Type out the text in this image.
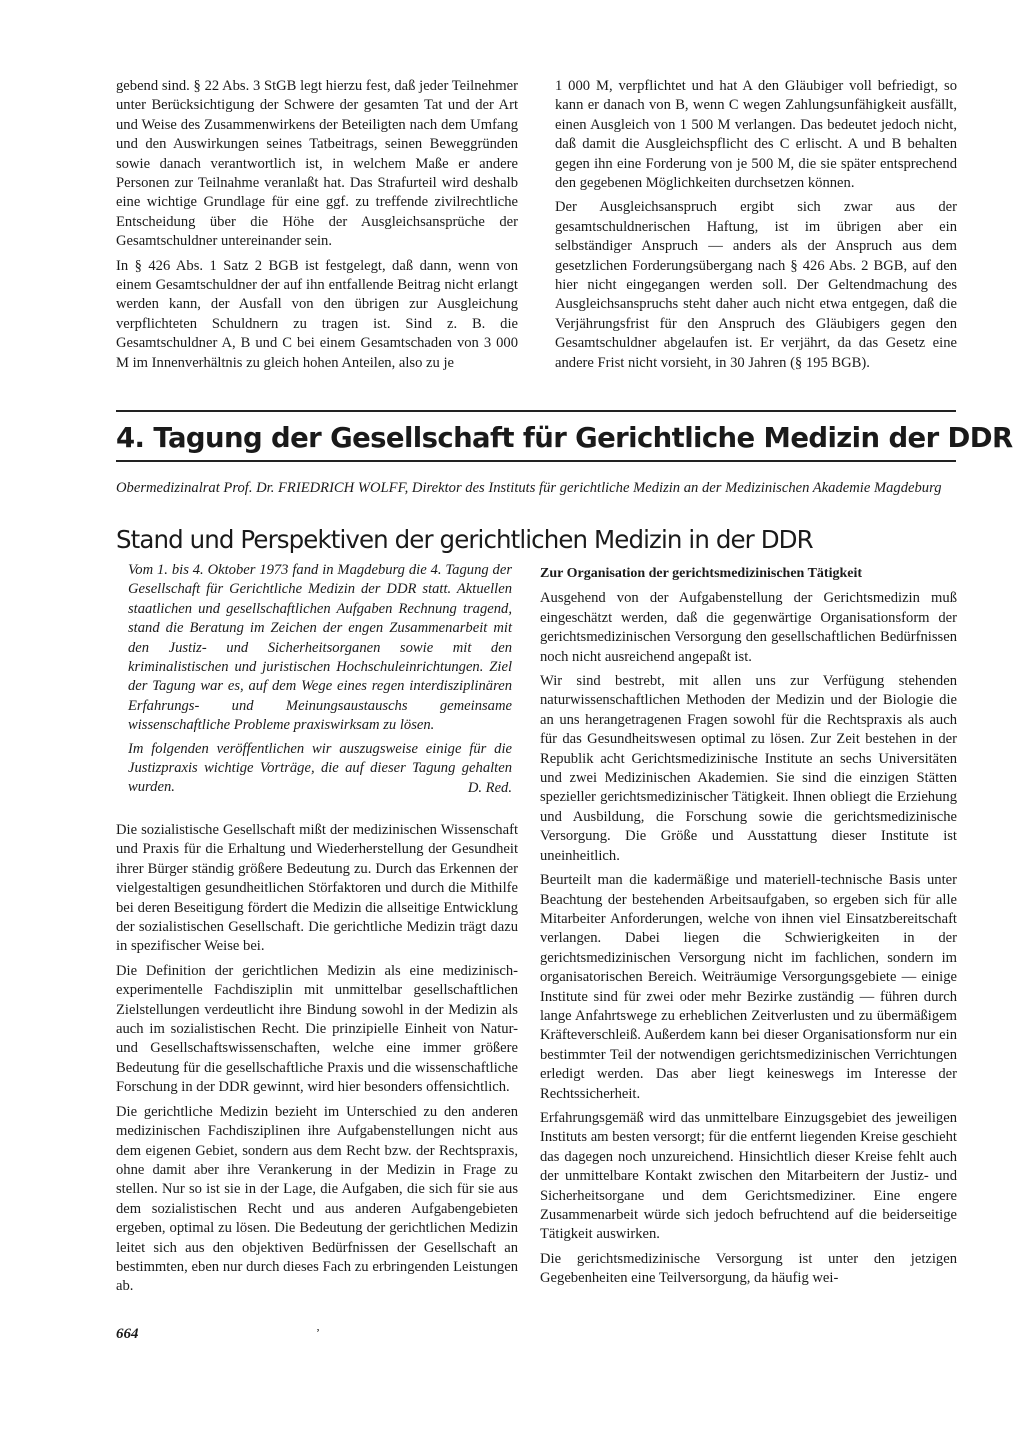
gebend sind. § 22 Abs. 3 StGB legt hierzu fest, daß jeder Teilnehmer unter Berücksichtigung der Schwere der gesamten Tat und der Art und Weise des Zusammenwirkens der Beteiligten nach dem Umfang und den Auswirkungen seines Tatbeitrags, seinen Beweggründen sowie danach verantwortlich ist, in welchem Maße er andere Personen zur Teilnahme veranlaßt hat. Das Strafurteil wird deshalb eine wichtige Grundlage für eine ggf. zu treffende zivilrechtliche Entscheidung über die Höhe der Ausgleichsansprüche der Gesamtschuldner untereinander sein.

In § 426 Abs. 1 Satz 2 BGB ist festgelegt, daß dann, wenn von einem Gesamtschuldner der auf ihn entfallende Beitrag nicht erlangt werden kann, der Ausfall von den übrigen zur Ausgleichung verpflichteten Schuldnern zu tragen ist. Sind z. B. die Gesamtschuldner A, B und C bei einem Gesamtschaden von 3 000 M im Innenverhältnis zu gleich hohen Anteilen, also zu je

1 000 M, verpflichtet und hat A den Gläubiger voll befriedigt, so kann er danach von B, wenn C wegen Zahlungsunfähigkeit ausfällt, einen Ausgleich von 1 500 M verlangen. Das bedeutet jedoch nicht, daß damit die Ausgleichspflicht des C erlischt. A und B behalten gegen ihn eine Forderung von je 500 M, die sie später entsprechend den gegebenen Möglichkeiten durchsetzen können.

Der Ausgleichsanspruch ergibt sich zwar aus der gesamtschuldnerischen Haftung, ist im übrigen aber ein selbständiger Anspruch — anders als der Anspruch aus dem gesetzlichen Forderungsübergang nach § 426 Abs. 2 BGB, auf den hier nicht eingegangen werden soll. Der Geltendmachung des Ausgleichsanspruchs steht daher auch nicht etwa entgegen, daß die Verjährungsfrist für den Anspruch des Gläubigers gegen den Gesamtschuldner abgelaufen ist. Er verjährt, da das Gesetz eine andere Frist nicht vorsieht, in 30 Jahren (§ 195 BGB).

4. Tagung der Gesellschaft für Gerichtliche Medizin der DDR

Obermedizinalrat Prof. Dr. FRIEDRICH WOLFF, Direktor des Instituts für gerichtliche Medizin an der Medizinischen Akademie Magdeburg

Stand und Perspektiven der gerichtlichen Medizin in der DDR

Vom 1. bis 4. Oktober 1973 fand in Magdeburg die 4. Tagung der Gesellschaft für Gerichtliche Medizin der DDR statt. Aktuellen staatlichen und gesellschaftlichen Aufgaben Rechnung tragend, stand die Beratung im Zeichen der engen Zusammenarbeit mit den Justiz- und Sicherheitsorganen sowie mit den kriminalistischen und juristischen Hochschuleinrichtungen. Ziel der Tagung war es, auf dem Wege eines regen interdisziplinären Erfahrungs- und Meinungsaustauschs gemeinsame wissenschaftliche Probleme praxiswirksam zu lösen.

Im folgenden veröffentlichen wir auszugsweise einige für die Justizpraxis wichtige Vorträge, die auf dieser Tagung gehalten wurden.	D. Red.

Die sozialistische Gesellschaft mißt der medizinischen Wissenschaft und Praxis für die Erhaltung und Wiederherstellung der Gesundheit ihrer Bürger ständig größere Bedeutung zu. Durch das Erkennen der vielgestaltigen gesundheitlichen Störfaktoren und durch die Mithilfe bei deren Beseitigung fördert die Medizin die allseitige Entwicklung der sozialistischen Gesellschaft. Die gerichtliche Medizin trägt dazu in spezifischer Weise bei.

Die Definition der gerichtlichen Medizin als eine medizinisch-experimentelle Fachdisziplin mit unmittelbar gesellschaftlichen Zielstellungen verdeutlicht ihre Bindung sowohl in der Medizin als auch im sozialistischen Recht. Die prinzipielle Einheit von Natur- und Gesellschaftswissenschaften, welche eine immer größere Bedeutung für die gesellschaftliche Praxis und die wissenschaftliche Forschung in der DDR gewinnt, wird hier besonders offensichtlich.

Die gerichtliche Medizin bezieht im Unterschied zu den anderen medizinischen Fachdisziplinen ihre Aufgabenstellungen nicht aus dem eigenen Gebiet, sondern aus dem Recht bzw. der Rechtspraxis, ohne damit aber ihre Verankerung in der Medizin in Frage zu stellen. Nur so ist sie in der Lage, die Aufgaben, die sich für sie aus dem sozialistischen Recht und aus anderen Aufgabengebieten ergeben, optimal zu lösen. Die Bedeutung der gerichtlichen Medizin leitet sich aus den objektiven Bedürfnissen der Gesellschaft an bestimmten, eben nur durch dieses Fach zu erbringenden Leistungen ab.

Zur Organisation der gerichtsmedizinischen Tätigkeit

Ausgehend von der Aufgabenstellung der Gerichtsmedizin muß eingeschätzt werden, daß die gegenwärtige Organisationsform der gerichtsmedizinischen Versorgung den gesellschaftlichen Bedürfnissen noch nicht ausreichend angepaßt ist.

Wir sind bestrebt, mit allen uns zur Verfügung stehenden naturwissenschaftlichen Methoden der Medizin und der Biologie die an uns herangetragenen Fragen sowohl für die Rechtspraxis als auch für das Gesundheitswesen optimal zu lösen. Zur Zeit bestehen in der Republik acht Gerichtsmedizinische Institute an sechs Universitäten und zwei Medizinischen Akademien. Sie sind die einzigen Stätten spezieller gerichtsmedizinischer Tätigkeit. Ihnen obliegt die Erziehung und Ausbildung, die Forschung sowie die gerichtsmedizinische Versorgung. Die Größe und Ausstattung dieser Institute ist uneinheitlich.

Beurteilt man die kadermäßige und materiell-technische Basis unter Beachtung der bestehenden Arbeitsaufgaben, so ergeben sich für alle Mitarbeiter Anforderungen, welche von ihnen viel Einsatzbereitschaft verlangen. Dabei liegen die Schwierigkeiten in der gerichtsmedizinischen Versorgung nicht im fachlichen, sondern im organisatorischen Bereich. Weiträumige Versorgungsgebiete — einige Institute sind für zwei oder mehr Bezirke zuständig — führen durch lange Anfahrtswege zu erheblichen Zeitverlusten und zu übermäßigem Kräfteverschleiß. Außerdem kann bei dieser Organisationsform nur ein bestimmter Teil der notwendigen gerichtsmedizinischen Verrichtungen erledigt werden. Das aber liegt keineswegs im Interesse der Rechtssicherheit.

Erfahrungsgemäß wird das unmittelbare Einzugsgebiet des jeweiligen Instituts am besten versorgt; für die entfernt liegenden Kreise geschieht das dagegen noch unzureichend. Hinsichtlich dieser Kreise fehlt auch der unmittelbare Kontakt zwischen den Mitarbeitern der Justiz- und Sicherheitsorgane und dem Gerichtsmediziner. Eine engere Zusammenarbeit würde sich jedoch befruchtend auf die beiderseitige Tätigkeit auswirken.

Die gerichtsmedizinische Versorgung ist unter den jetzigen Gegebenheiten eine Teilversorgung, da häufig wei-

664	ʼ
